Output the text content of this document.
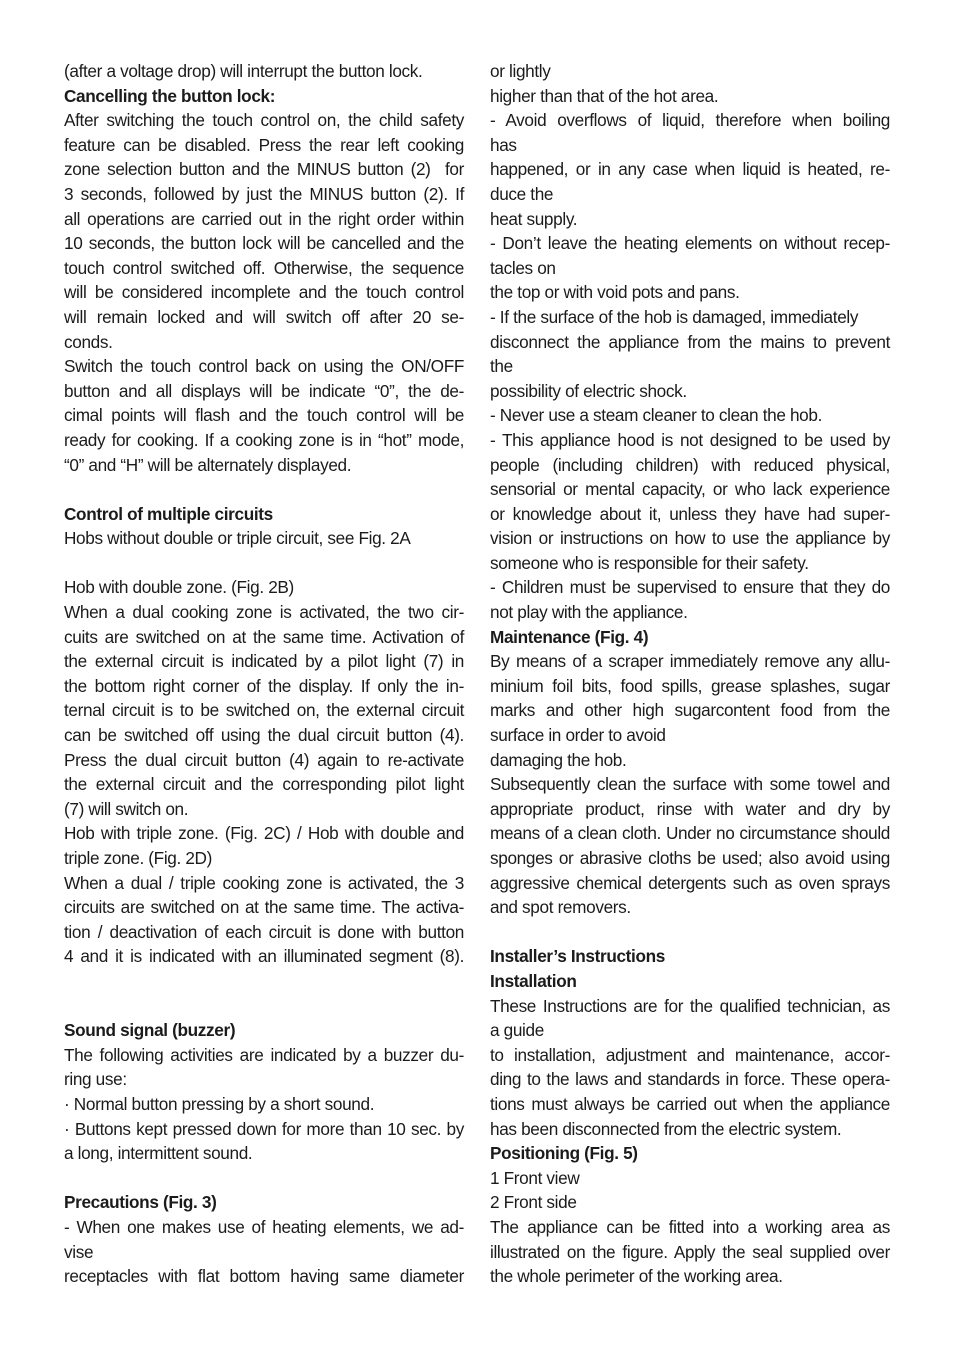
(after a voltage drop) will interrupt the button lock.
Cancelling the button lock:
After switching the touch control on, the child safety
feature can be disabled. Press the rear left cooking
zone selection button and the MINUS button (2)  for
3 seconds, followed by just the MINUS button (2). If
all operations are carried out in the right order within
10 seconds, the button lock will be cancelled and the
touch control switched off. Otherwise, the sequence
will be considered incomplete and the touch control
will remain locked and will switch off after 20 se-
conds.
Switch the touch control back on using the ON/OFF
button and all displays will be indicate “0”, the de-
cimal points will flash and the touch control will be
ready for cooking. If a cooking zone is in “hot” mode,
“0” and “H” will be alternately displayed.
Control of multiple circuits
Hobs without double or triple circuit, see Fig. 2A
Hob with double zone. (Fig. 2B)
When a dual cooking zone is activated, the two cir-
cuits are switched on at the same time. Activation of
the external circuit is indicated by a pilot light (7) in
the bottom right corner of the display. If only the in-
ternal circuit is to be switched on, the external circuit
can be switched off using the dual circuit button (4).
Press the dual circuit button (4) again to re-activate
the external circuit and the corresponding pilot light
(7) will switch on.
Hob with triple zone. (Fig. 2C) / Hob with double and
triple zone. (Fig. 2D)
When a dual / triple cooking zone is activated, the 3
circuits are switched on at the same time. The activa-
tion / deactivation of each circuit is done with button
4 and it is indicated with an illuminated segment (8).
Sound signal (buzzer)
The following activities are indicated by a buzzer du-
ring use:
· Normal button pressing by a short sound.
· Buttons kept pressed down for more than 10 sec. by
a long, intermittent sound.
Precautions (Fig. 3)
- When one makes use of heating elements, we ad-
vise
receptacles with flat bottom having same diameter
or lightly
higher than that of the hot area.
- Avoid overflows of liquid, therefore when boiling
has
happened, or in any case when liquid is heated, re-
duce the
heat supply.
- Don’t leave the heating elements on without recep-
tacles on
the top or with void pots and pans.
- If the surface of the hob is damaged, immediately
disconnect the appliance from the mains to prevent
the
possibility of electric shock.
- Never use a steam cleaner to clean the hob.
- This appliance hood is not designed to be used by
people (including children) with reduced physical,
sensorial or mental capacity, or who lack experience
or knowledge about it, unless they have had super-
vision or instructions on how to use the appliance by
someone who is responsible for their safety.
- Children must be supervised to ensure that they do
not play with the appliance.
Maintenance (Fig. 4)
By means of a scraper immediately remove any allu-
minium foil bits, food spills, grease splashes, sugar
marks and other high sugarcontent food from the
surface in order to avoid
damaging the hob.
Subsequently clean the surface with some towel and
appropriate product, rinse with water and dry by
means of a clean cloth. Under no circumstance should
sponges or abrasive cloths be used; also avoid using
aggressive chemical detergents such as oven sprays
and spot removers.
Installer’s Instructions
Installation
These Instructions are for the qualified technician, as
a guide
to installation, adjustment and maintenance, accor-
ding to the laws and standards in force. These opera-
tions must always be carried out when the appliance
has been disconnected from the electric system.
Positioning (Fig. 5)
1 Front view
2 Front side
The appliance can be fitted into a working area as
illustrated on the figure. Apply the seal supplied over
the whole perimeter of the working area.
